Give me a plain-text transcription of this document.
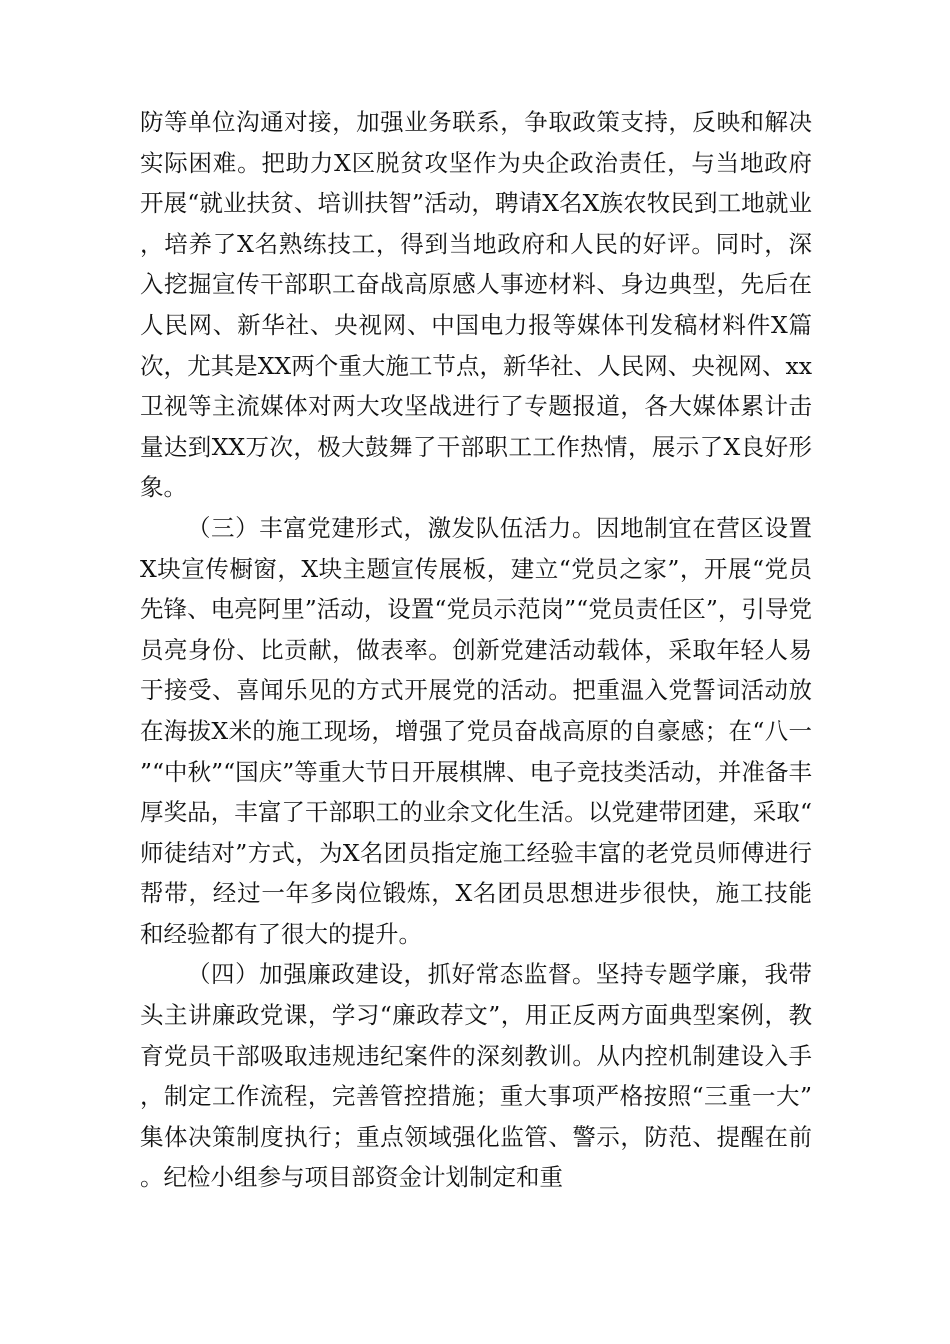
防等单位沟通对接，加强业务联系，争取政策支持，反映和解决实际困难。把助力X区脱贫攻坚作为央企政治责任，与当地政府开展“就业扶贫、培训扶智”活动，聘请X名X族农牧民到工地就业，培养了X名熟练技工，得到当地政府和人民的好评。同时，深入挖掘宣传干部职工奋战高原感人事迹材料、身边典型，先后在人民网、新华社、央视网、中国电力报等媒体刊发稿材料件X篇次，尤其是XX两个重大施工节点，新华社、人民网、央视网、xx卫视等主流媒体对两大攻坚战进行了专题报道，各大媒体累计击量达到XX万次，极大鼓舞了干部职工工作热情，展示了X良好形象。

（三）丰富党建形式，激发队伍活力。因地制宜在营区设置X块宣传橱窗，X块主题宣传展板，建立“党员之家”，开展“党员先锋、电亮阿里”活动，设置“党员示范岗”“党员责任区”，引导党员亮身份、比贡献，做表率。创新党建活动载体，采取年轻人易于接受、喜闻乐见的方式开展党的活动。把重温入党誓词活动放在海拔X米的施工现场，增强了党员奋战高原的自豪感；在“八一”“中秋”“国庆”等重大节日开展棋牌、电子竞技类活动，并准备丰厚奖品，丰富了干部职工的业余文化生活。以党建带团建，采取“师徒结对”方式，为X名团员指定施工经验丰富的老党员师傅进行帮带，经过一年多岗位锻炼，X名团员思想进步很快，施工技能和经验都有了很大的提升。

（四）加强廉政建设，抓好常态监督。坚持专题学廉，我带头主讲廉政党课，学习“廉政荐文”，用正反两方面典型案例，教育党员干部吸取违规违纪案件的深刻教训。从内控机制建设入手，制定工作流程，完善管控措施；重大事项严格按照“三重一大”集体决策制度执行；重点领域强化监管、警示，防范、提醒在前。纪检小组参与项目部资金计划制定和重
